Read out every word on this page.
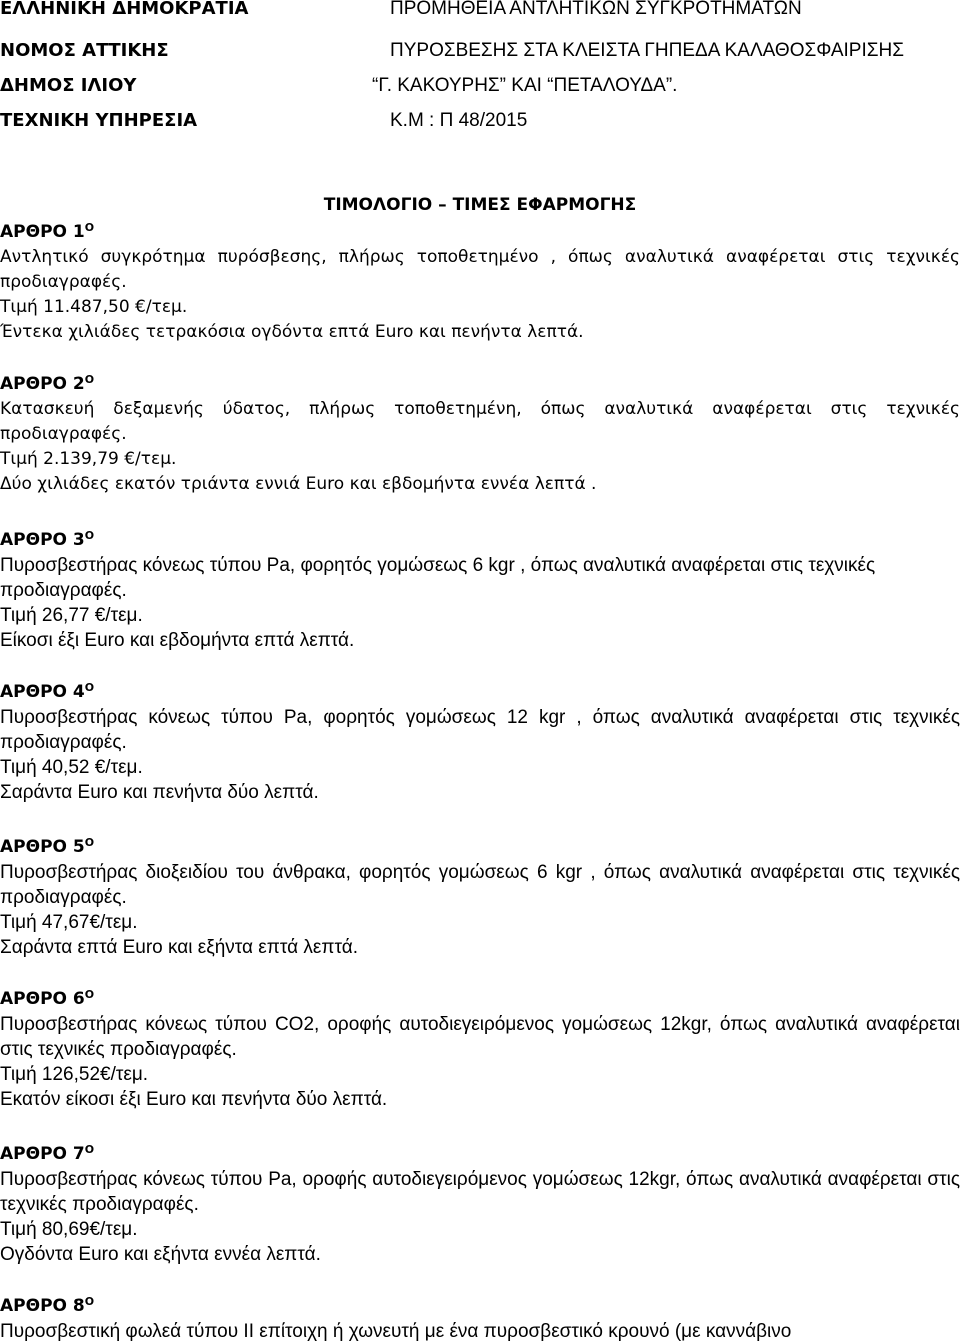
ΕΛΛΗΝΙΚΗ ΔΗΜΟΚΡΑΤΙΑ	ΠΡΟΜΗΘΕΙΑ ΑΝΤΛΗΤΙΚΩΝ ΣΥΓΚΡΟΤΗΜΑΤΩΝ
ΝΟΜΟΣ ΑΤΤΙΚΗΣ	ΠΥΡΟΣΒΕΣΗΣ ΣΤΑ ΚΛΕΙΣΤΑ ΓΗΠΕΔΑ ΚΑΛΑΘΟΣΦΑΙΡΙΣΗΣ
ΔΗΜΟΣ ΙΛΙΟΥ	“Γ. ΚΑΚΟΥΡΗΣ” ΚΑΙ “ΠΕΤΑΛΟΥΔΑ”.
ΤΕΧΝΙΚΗ ΥΠΗΡΕΣΙΑ	Κ.Μ : Π 48/2015
ΤΙΜΟΛΟΓΙΟ – ΤΙΜΕΣ ΕΦΑΡΜΟΓΗΣ
ΑΡΘΡΟ $1^O$

Αντλητικό συγκρότημα πυρόσβεσης, πλήρως τοποθετημένο , όπως αναλυτικά αναφέρεται στις τεχνικές προδιαγραφές.

Τιμή 11.487,50 €/τεμ.
Έντεκα χιλιάδες τετρακόσια ογδόντα επτά Euro και πενήντα λεπτά.
ΑΡΘΡΟ $2^O$

Κατασκευή δεξαμενής ύδατος, πλήρως τοποθετημένη, όπως αναλυτικά αναφέρεται στις τεχνικές προδιαγραφές.

Τιμή 2.139,79 €/τεμ.
Δύο χιλιάδες εκατόν τριάντα εννιά Euro και εβδομήντα εννέα λεπτά .
ΑΡΘΡΟ $3^O$

Πυροσβεστήρας κόνεως τύπου Pa, φορητός γομώσεως 6 kgr , όπως αναλυτικά αναφέρεται στις τεχνικές προδιαγραφές.

Τιμή 26,77 €/τεμ.
Είκοσι έξι Euro και εβδομήντα επτά λεπτά.
ΑΡΘΡΟ $4^O$

Πυροσβεστήρας κόνεως τύπου Pa, φορητός γομώσεως 12 kgr , όπως αναλυτικά αναφέρεται στις τεχνικές προδιαγραφές.

Τιμή 40,52 €/τεμ.
Σαράντα Euro και πενήντα δύο λεπτά.
ΑΡΘΡΟ $5^O$

Πυροσβεστήρας διοξειδίου του άνθρακα, φορητός γομώσεως 6 kgr , όπως αναλυτικά αναφέρεται στις τεχνικές προδιαγραφές.

Τιμή 47,67€/τεμ.
Σαράντα επτά Euro και εξήντα επτά λεπτά.
ΑΡΘΡΟ $6^O$

Πυροσβεστήρας κόνεως τύπου CO2, οροφής αυτοδιεγειρόμενος γομώσεως 12kgr, όπως αναλυτικά αναφέρεται στις τεχνικές προδιαγραφές.

Τιμή 126,52€/τεμ.
Εκατόν είκοσι έξι Euro και πενήντα δύο λεπτά.
ΑΡΘΡΟ $7^O$

Πυροσβεστήρας κόνεως τύπου Pa, οροφής αυτοδιεγειρόμενος γομώσεως 12kgr, όπως αναλυτικά αναφέρεται στις τεχνικές προδιαγραφές.

Τιμή 80,69€/τεμ.
Ογδόντα Euro και εξήντα εννέα λεπτά.
ΑΡΘΡΟ $8^O$
Πυροσβεστική φωλεά τύπου ΙΙ επίτοιχη ή χωνευτή με ένα πυροσβεστικό κρουνό (με καννάβινο
